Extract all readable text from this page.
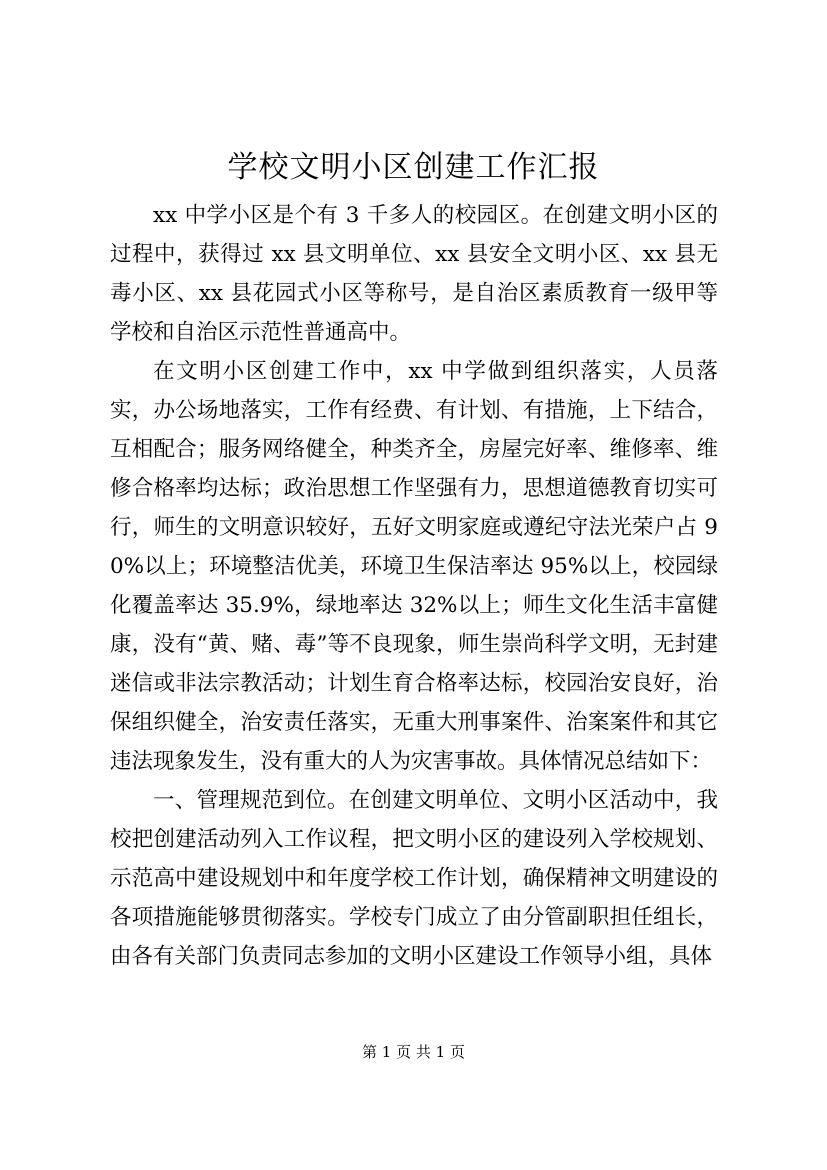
学校文明小区创建工作汇报

xx 中学小区是个有 3 千多人的校园区。在创建文明小区的过程中，获得过 xx 县文明单位、xx 县安全文明小区、xx 县无毒小区、xx 县花园式小区等称号，是自治区素质教育一级甲等学校和自治区示范性普通高中。

在文明小区创建工作中，xx 中学做到组织落实，人员落实，办公场地落实，工作有经费、有计划、有措施，上下结合，互相配合；服务网络健全，种类齐全，房屋完好率、维修率、维修合格率均达标；政治思想工作坚强有力，思想道德教育切实可行，师生的文明意识较好，五好文明家庭或遵纪守法光荣户占 90%以上；环境整洁优美，环境卫生保洁率达 95%以上，校园绿化覆盖率达 35.9%，绿地率达 32%以上；师生文化生活丰富健康，没有“黄、赌、毒”等不良现象，师生崇尚科学文明，无封建迷信或非法宗教活动；计划生育合格率达标，校园治安良好，治保组织健全，治安责任落实，无重大刑事案件、治案案件和其它违法现象发生，没有重大的人为灾害事故。具体情况总结如下：

一、管理规范到位。在创建文明单位、文明小区活动中，我校把创建活动列入工作议程，把文明小区的建设列入学校规划、示范高中建设规划中和年度学校工作计划，确保精神文明建设的各项措施能够贯彻落实。学校专门成立了由分管副职担任组长，由各有关部门负责同志参加的文明小区建设工作领导小组，具体

第 1 页 共 1 页
